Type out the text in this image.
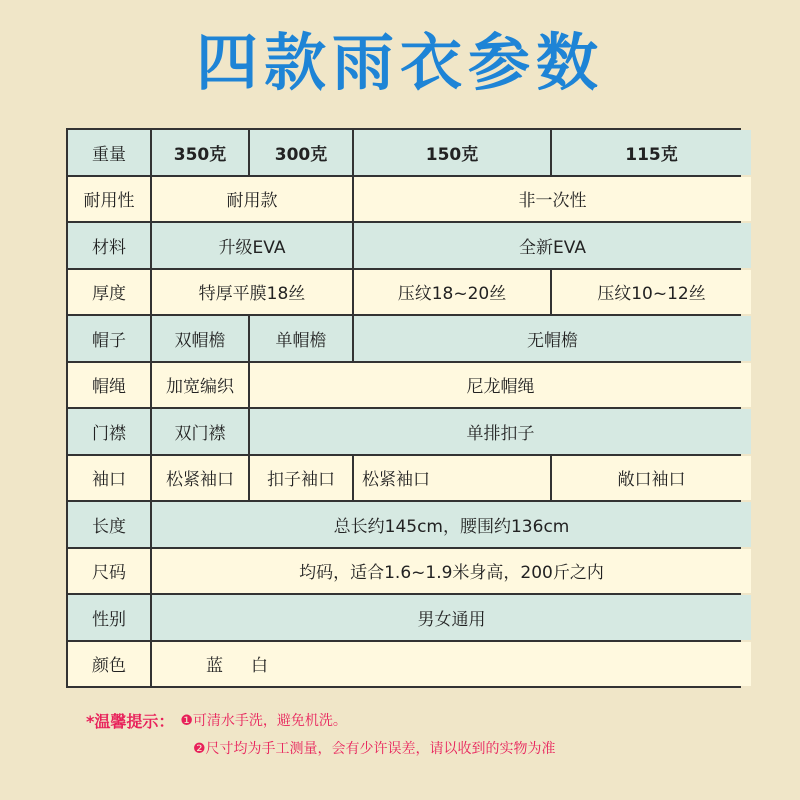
四款雨衣参数
重量	350克	300克	150克	115克
耐用性	耐用款	非一次性
材料	升级EVA	全新EVA
厚度	特厚平膜18丝	压纹18~20丝	压纹10~12丝
帽子	双帽檐	单帽檐	无帽檐
帽绳	加宽编织	尼龙帽绳
门襟	双门襟	单排扣子
袖口	松紧袖口	扣子袖口	松紧袖口	敞口袖口
长度	总长约145cm，腰围约136cm
尺码	均码，适合1.6~1.9米身高，200斤之内
性别	男女通用
颜色	蓝 白
*温馨提示： ❶可清水手洗，避免机洗。
❷尺寸均为手工测量，会有少许误差，请以收到的实物为准
